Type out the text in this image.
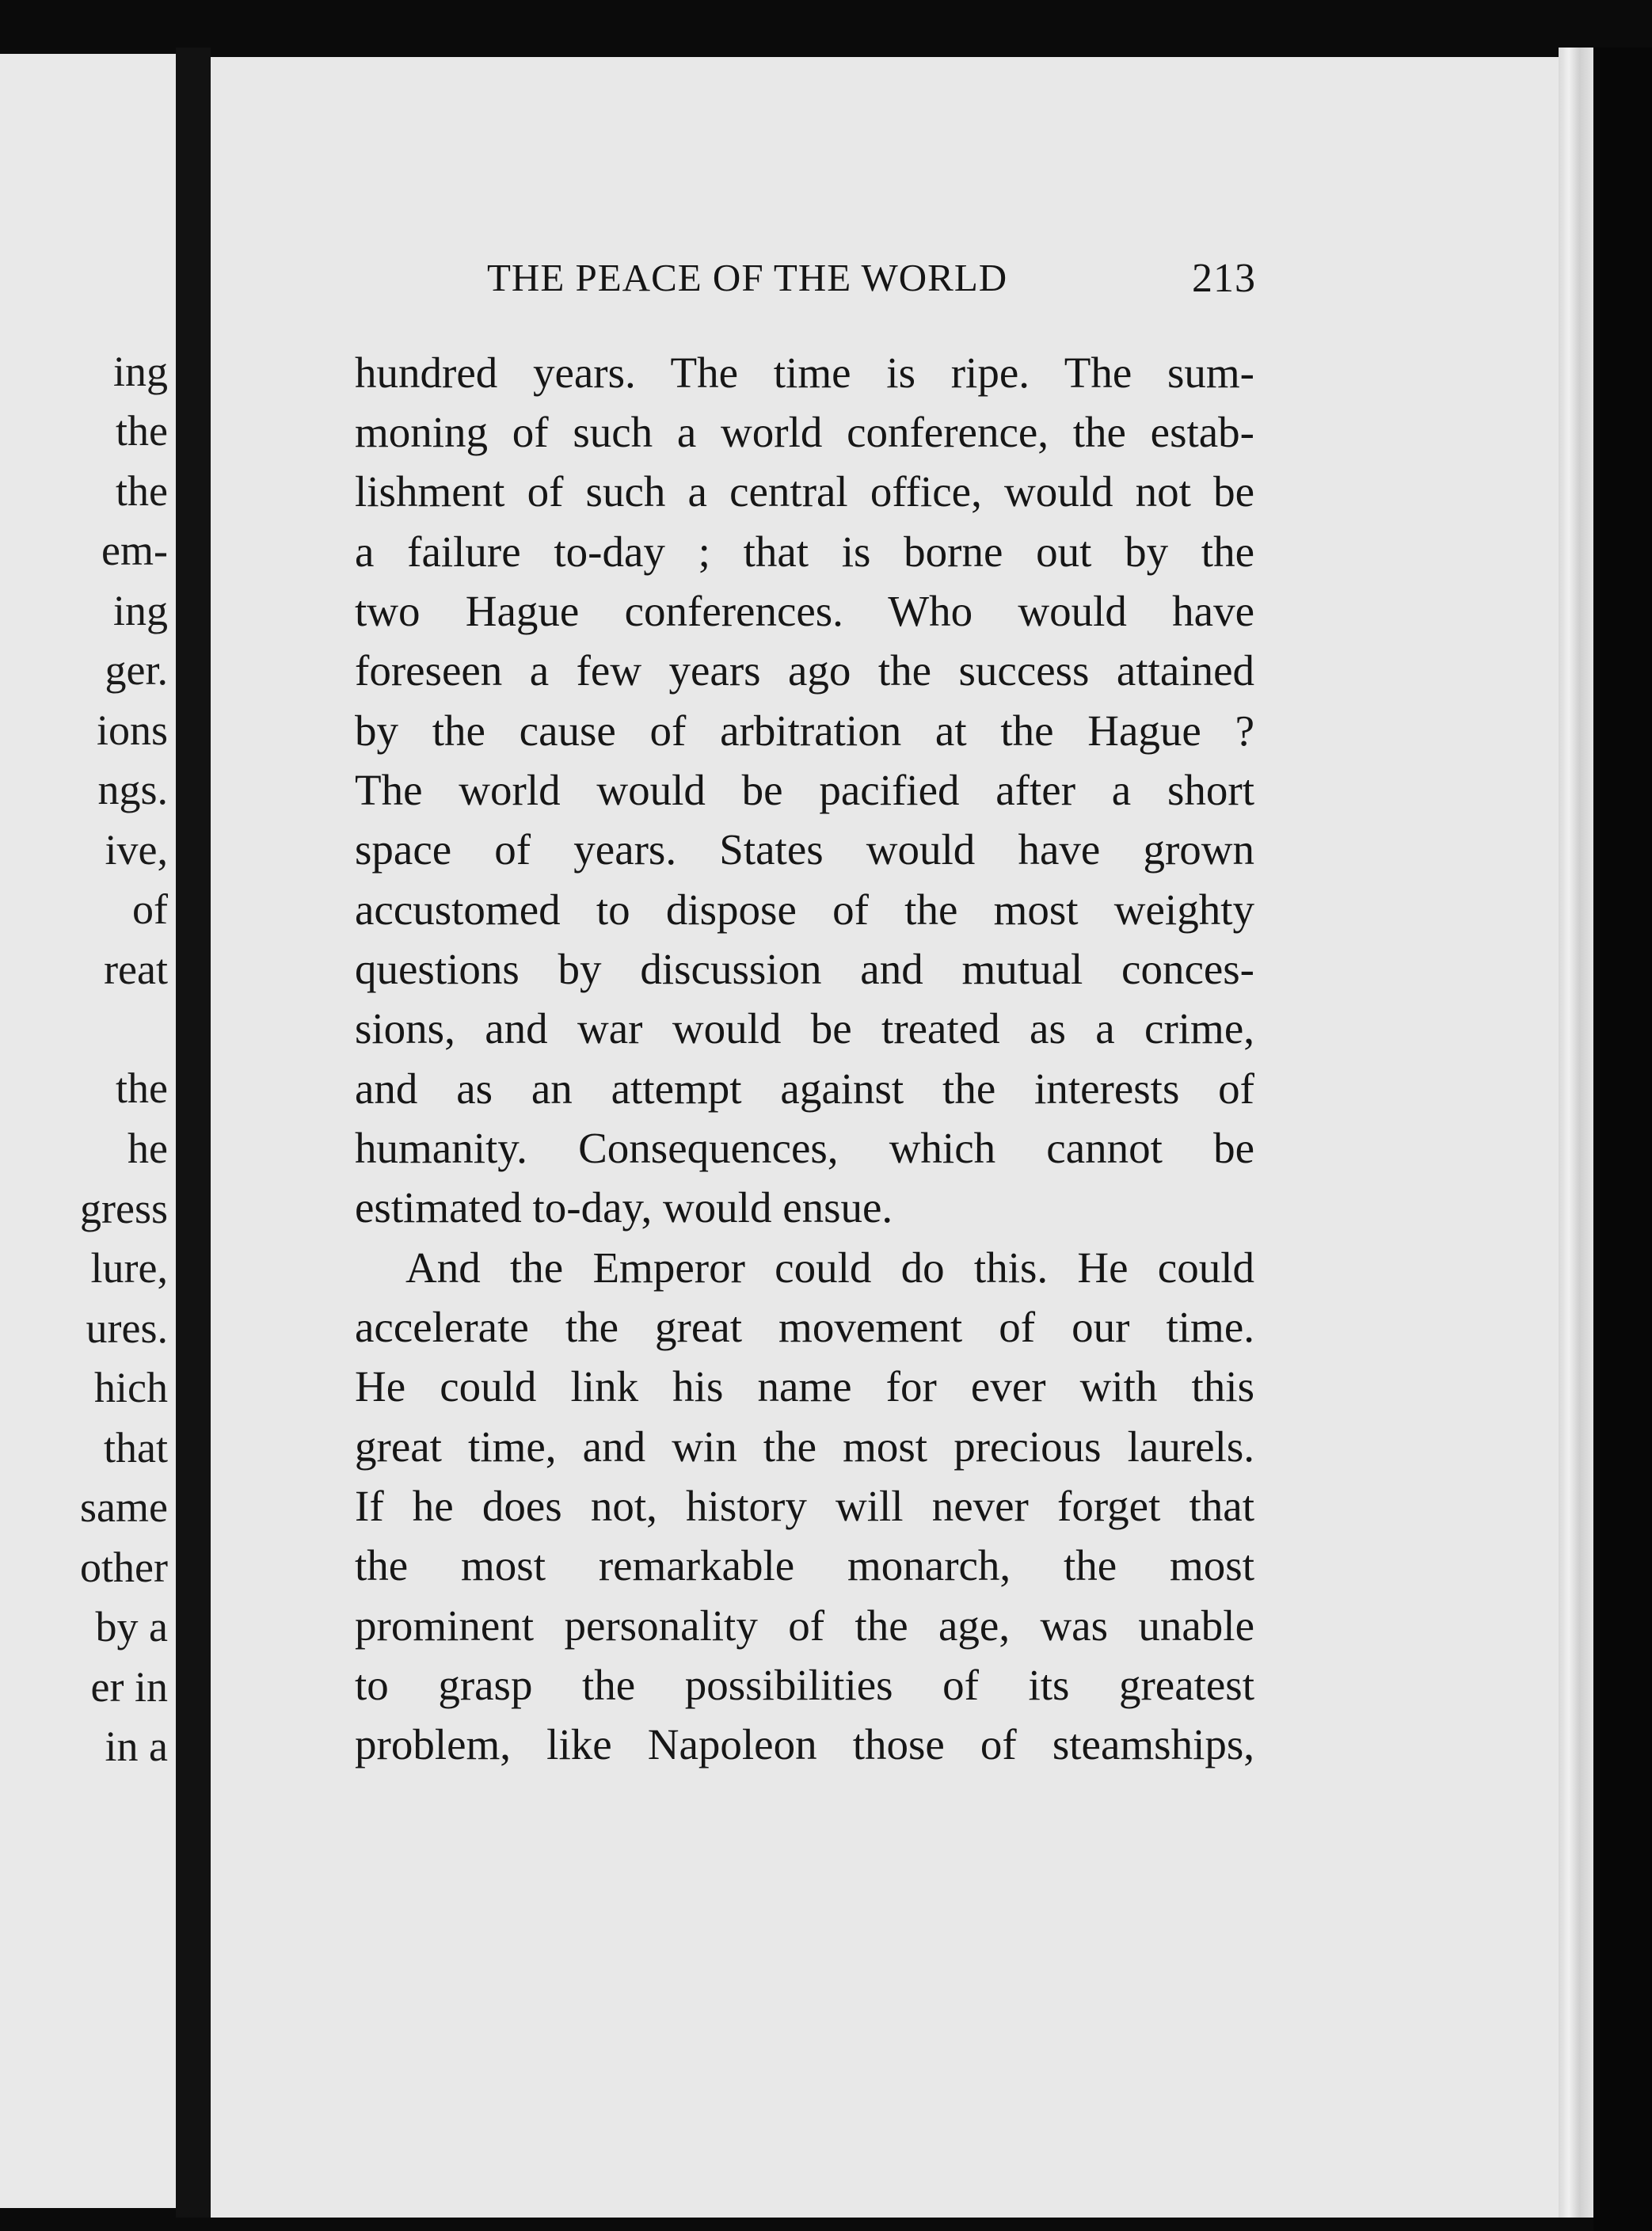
ing
the
the
em-
ing
ger.
ions
ngs.
ive,
of
reat
the
he
gress
lure,
ures.
hich
that
same
other
by a
er in
in a
THE PEACE OF THE WORLD	213
hundred years. The time is ripe. The sum-
moning of such a world conference, the estab-
lishment of such a central office, would not be
a failure to-day ; that is borne out by the
two Hague conferences. Who would have
foreseen a few years ago the success attained
by the cause of arbitration at the Hague ?
The world would be pacified after a short
space of years. States would have grown
accustomed to dispose of the most weighty
questions by discussion and mutual conces-
sions, and war would be treated as a crime,
and as an attempt against the interests of
humanity. Consequences, which cannot be
estimated to-day, would ensue.
And the Emperor could do this. He could
accelerate the great movement of our time.
He could link his name for ever with this
great time, and win the most precious laurels.
If he does not, history will never forget that
the most remarkable monarch, the most
prominent personality of the age, was unable
to grasp the possibilities of its greatest
problem, like Napoleon those of steamships,
